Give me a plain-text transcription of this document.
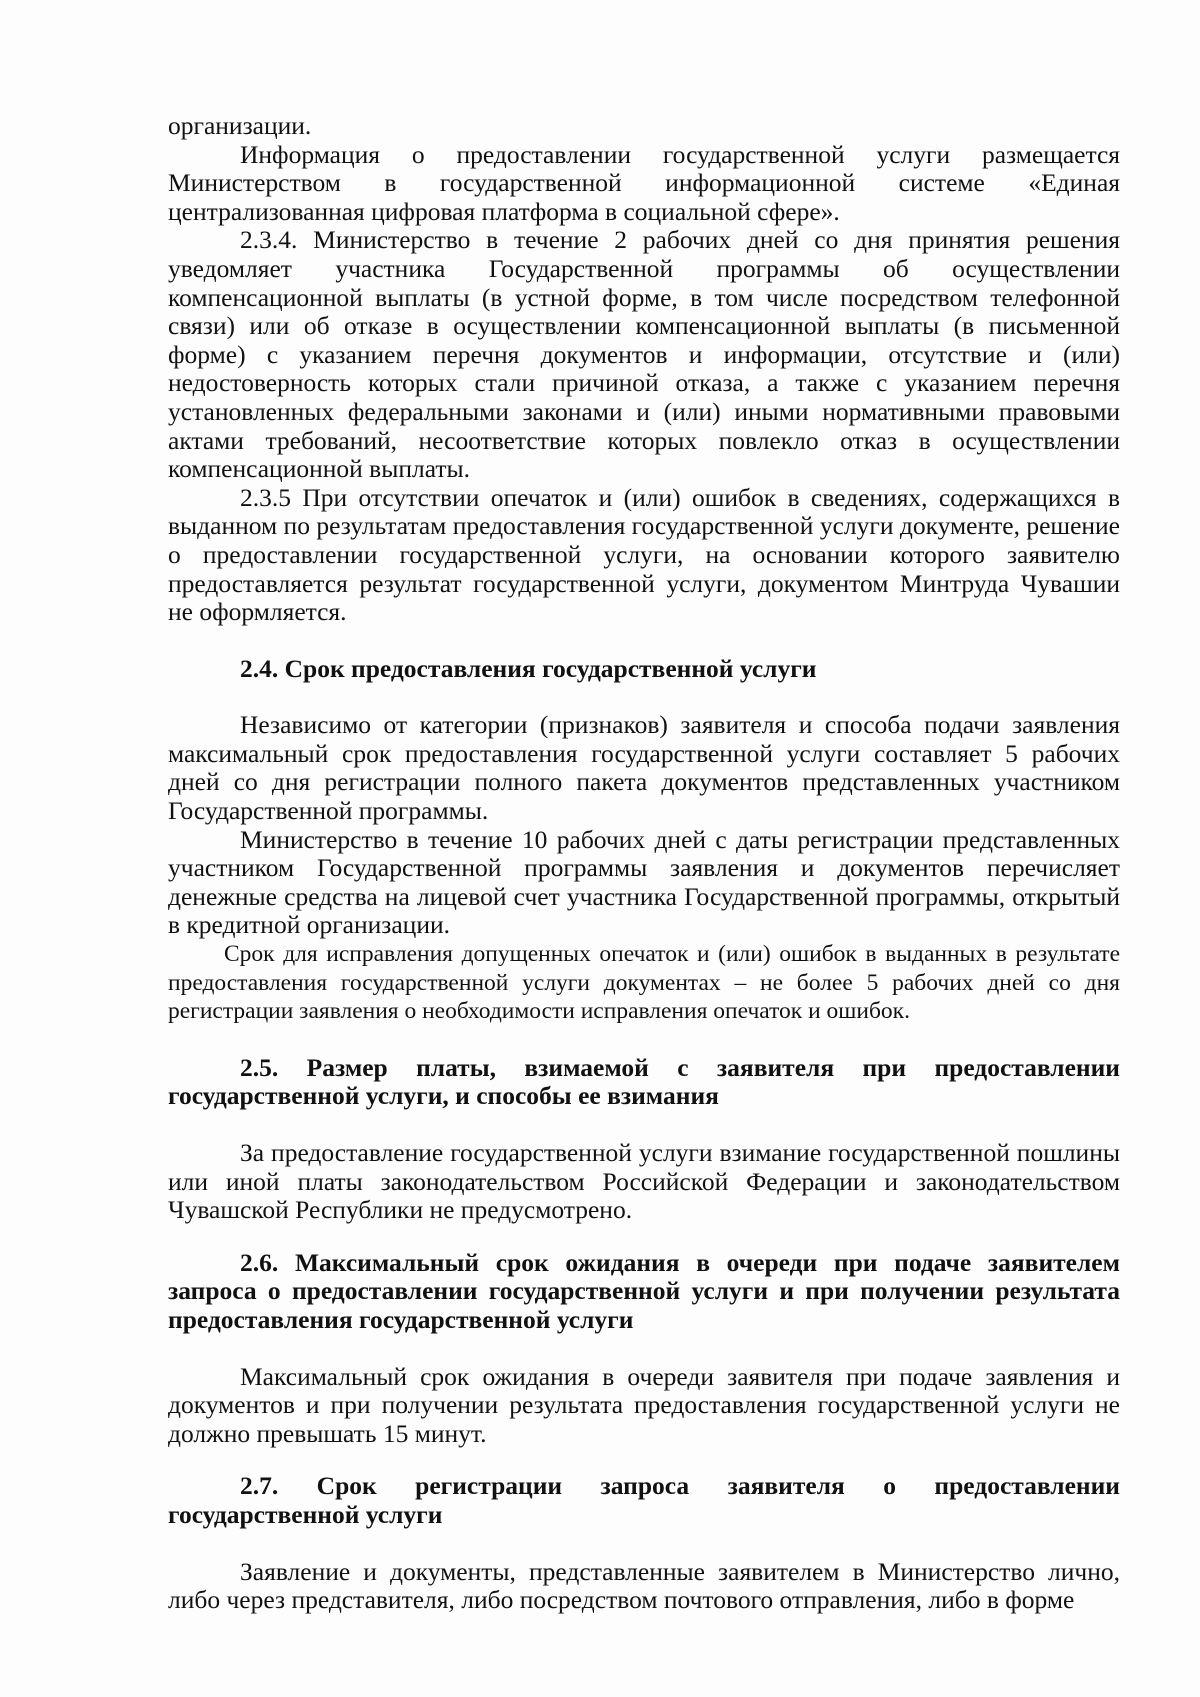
организации.

Информация о предоставлении государственной услуги размещается Министерством в государственной информационной системе «Единая централизованная цифровая платформа в социальной сфере».

2.3.4. Министерство в течение 2 рабочих дней со дня принятия решения уведомляет участника Государственной программы об осуществлении компенсационной выплаты (в устной форме, в том числе посредством телефонной связи) или об отказе в осуществлении компенсационной выплаты (в письменной форме) с указанием перечня документов и информации, отсутствие и (или) недостоверность которых стали причиной отказа, а также с указанием перечня установленных федеральными законами и (или) иными нормативными правовыми актами требований, несоответствие которых повлекло отказ в осуществлении компенсационной выплаты.

2.3.5 При отсутствии опечаток и (или) ошибок в сведениях, содержащихся в выданном по результатам предоставления государственной услуги документе, решение о предоставлении государственной услуги, на основании которого заявителю предоставляется результат государственной услуги, документом Минтруда Чувашии не оформляется.

2.4. Срок предоставления государственной услуги

Независимо от категории (признаков) заявителя и способа подачи заявления максимальный срок предоставления государственной услуги составляет 5 рабочих дней со дня регистрации полного пакета документов представленных участником Государственной программы.

Министерство в течение 10 рабочих дней с даты регистрации представленных участником Государственной программы заявления и документов перечисляет денежные средства на лицевой счет участника Государственной программы, открытый в кредитной организации.

Срок для исправления допущенных опечаток и (или) ошибок в выданных в результате предоставления государственной услуги документах – не более 5 рабочих дней со дня регистрации заявления о необходимости исправления опечаток и ошибок.

2.5. Размер платы, взимаемой с заявителя при предоставлении государственной услуги, и способы ее взимания

За предоставление государственной услуги взимание государственной пошлины или иной платы законодательством Российской Федерации и законодательством Чувашской Республики не предусмотрено.

2.6. Максимальный срок ожидания в очереди при подаче заявителем запроса о предоставлении государственной услуги и при получении результата предоставления государственной услуги

Максимальный срок ожидания в очереди заявителя при подаче заявления и документов и при получении результата предоставления государственной услуги не должно превышать 15 минут.

2.7. Срок регистрации запроса заявителя о предоставлении государственной услуги

Заявление и документы, представленные заявителем в Министерство лично, либо через представителя, либо посредством почтового отправления, либо в форме
